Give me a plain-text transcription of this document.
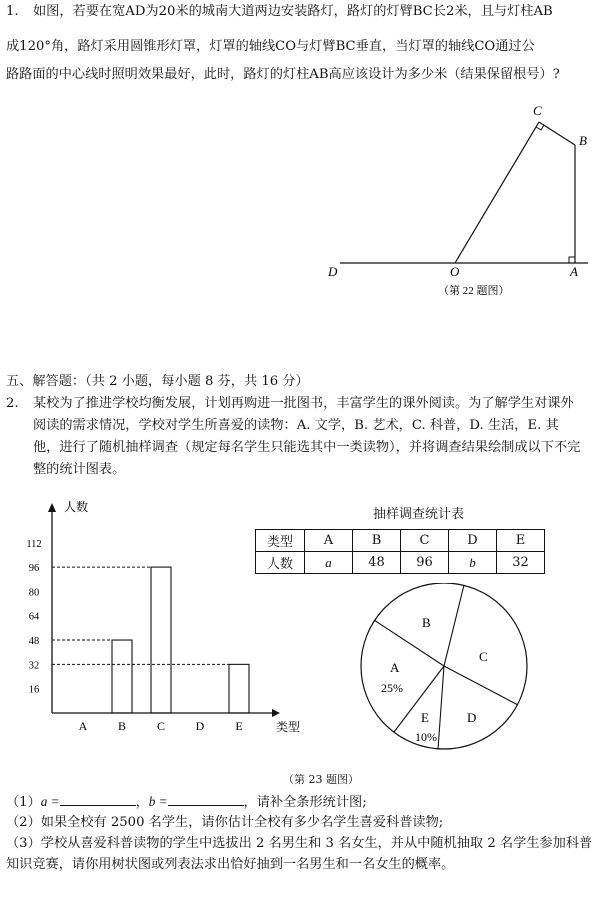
1. 如图，若要在宽AD为20米的城南大道两边安装路灯，路灯的灯臂BC长2米，且与灯柱AB
成120°角，路灯采用圆锥形灯罩，灯罩的轴线CO与灯臂BC垂直，当灯罩的轴线CO通过公
路路面的中心线时照明效果最好，此时，路灯的灯柱AB高应该设计为多少米（结果保留根号）?
C
B
D	O	A
（第 22 题图）
五、解答题：（共 2 小题，每小题 8 芬，共 16 分）
2. 某校为了推进学校均衡发展，计划再购进一批图书，丰富学生的课外阅读。为了解学生对课外
阅读的需求情况，学校对学生所喜爱的读物：A. 文学，B. 艺术，C. 科普，D. 生活，E. 其
他，进行了随机抽样调查（规定每名学生只能选其中一类读物），并将调查结果绘制成以下不完
整的统计图表。
人数
类型
16
32
48
64
80
96
112
A	B	C	D	E
抽样调查统计表
类型	A	B	C	D	E
人数	a	48	96	b	32
B
C
A
25%
E
10%
D
（第 23 题图）
（1）a =	，b =	，请补全条形统计图;
（2）如果全校有 2500 名学生，请你估计全校有多少名学生喜爱科普读物;
（3）学校从喜爱科普读物的学生中选拔出 2 名男生和 3 名女生，并从中随机抽取 2 名学生参加科普
知识竞赛，请你用树状图或列表法求出恰好抽到一名男生和一名女生的概率。
